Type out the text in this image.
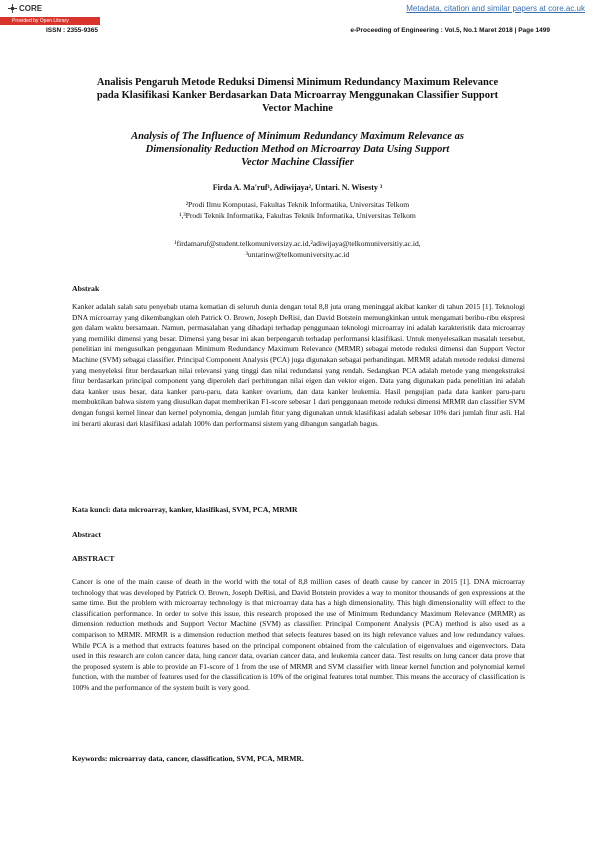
CORE	Metadata, citation and similar papers at core.ac.uk
Provided by Open Library
ISSN : 2355-9365	e-Proceeding of Engineering : Vol.5, No.1 Maret 2018 | Page 1499
Analisis Pengaruh Metode Reduksi Dimensi Minimum Redundancy Maximum Relevance
pada Klasifikasi Kanker Berdasarkan Data Microarray Menggunakan Classifier Support
Vector Machine
Analysis of The Influence of Minimum Redundancy Maximum Relevance as
Dimensionality Reduction Method on Microarray Data Using Support
Vector Machine Classifier
Firda A. Ma'ruf¹, Adiwijaya², Untari. N. Wisesty ³
²Prodi Ilmu Komputasi, Fakultas Teknik Informatika, Universitas Telkom
¹,³Prodi Teknik Informatika, Fakultas Teknik Informatika, Universitas Telkom
¹firdamaruf@student.telkomuniversizy.ac.id,²adiwijaya@telkomuniversitiy.ac.id,
³untarinw@telkomuniversity.ac.id
Abstrak
Kanker adalah salah satu penyebab utama kematian di seluruh dunia dengan total 8,8 juta orang meninggal akibat kanker di tahun 2015 [1]. Teknologi DNA microarray yang dikembangkan oleh Patrick O. Brown, Joseph DeRisi, dan David Botstein memungkinkan untuk mengamati beribu-ribu ekspresi gen dalam waktu bersamaan. Namun, permasalahan yang dihadapi terhadap penggunaan teknologi microarray ini adalah karakteristik data microarray yang memiliki dimensi yang besar. Dimensi yang besar ini akan berpengaruh terhadap performansi klasifikasi. Untuk menyelesaikan masalah tersebut, penelitian ini mengusulkan penggunaan Minimum Redundancy Maximum Relevance (MRMR) sebagai metode reduksi dimensi dan Support Vector Machine (SVM) sebagai classifier. Principal Component Analysis (PCA) juga digunakan sebagai perbandingan. MRMR adalah metode reduksi dimensi yang menyeleksi fitur berdasarkan nilai relevansi yang tinggi dan nilai redundansi yang rendah. Sedangkan PCA adalah metode yang mengekstraksi fitur berdasarkan principal component yang diperoleh dari perhitungan nilai eigen dan vektor eigen. Data yang digunakan pada penelitian ini adalah data kanker usus besar, data kanker paru-paru, data kanker ovarium, dan data kanker leukemia. Hasil pengujian pada data kanker paru-paru membuktikan bahwa sistem yang diusulkan dapat memberikan F1-score sebesar 1 dari penggunaan metode reduksi dimensi MRMR dan classifier SVM dengan fungsi kernel linear dan kernel polynomia, dengan jumlah fitur yang digunakan untuk klasifikasi adalah sebesar 10% dari jumlah fitur asli. Hal ini berarti akurasi dari klasifikasi adalah 100% dan performansi sistem yang dibangun sangatlah bagus.
Kata kunci: data microarray, kanker, klasifikasi, SVM, PCA, MRMR
Abstract
ABSTRACT
Cancer is one of the main cause of death in the world with the total of 8,8 million cases of death cause by cancer in 2015 [1]. DNA microarray technology that was developed by Patrick O. Brown, Joseph DeRisi, and David Botstein provides a way to monitor thousands of gen expressions at the same time. But the problem with microarray technology is that microarray data has a high dimensionality. This high dimensionality will effect to the classification performance. In order to solve this issue, this research proposed the use of Minimum Redundancy Maximum Relevance (MRMR) as dimension reduction methods and Support Vector Machine (SVM) as classifier. Principal Component Analysis (PCA) method is also used as a comparison to MRMR. MRMR is a dimension reduction method that selects features based on its high relevance values and low redundancy values. While PCA is a method that extracts features based on the principal component obtained from the calculation of eigenvalues and eigenvectors. Data used in this research are colon cancer data, lung cancer data, ovarian cancer data, and leukemia cancer data. Test results on lung cancer data prove that the proposed system is able to provide an F1-score of 1 from the use of MRMR and SVM classifier with linear kernel function and polynomial kernel function, with the number of features used for the classification is 10% of the original features total number. This means the accuracy of classification is 100% and the performance of the system built is very good.
Keywords: microarray data, cancer, classification, SVM, PCA, MRMR.
